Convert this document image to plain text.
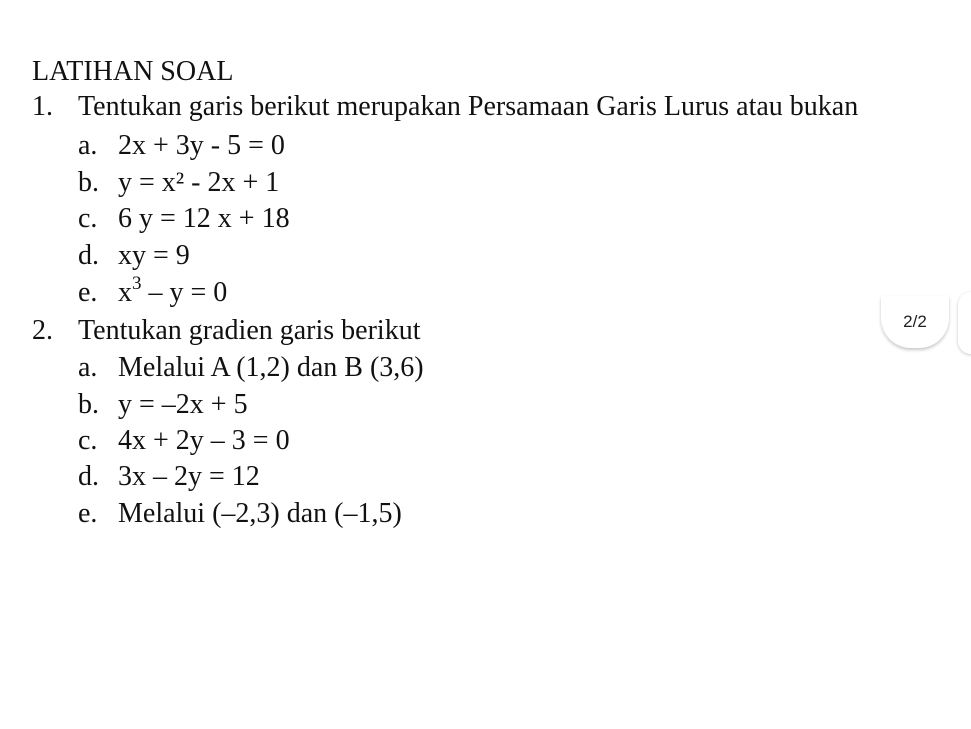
LATIHAN SOAL
1. Tentukan garis berikut merupakan Persamaan Garis Lurus atau bukan
a. 2x + 3y - 5 = 0
b. y = x² - 2x + 1
c. 6 y = 12 x + 18
d. xy = 9
e. $x^3 - y = 0$
2. Tentukan gradien garis berikut
a. Melalui A (1,2) dan B (3,6)
b. y = –2x + 5
c. 4x + 2y – 3 = 0
d. 3x – 2y = 12
e. Melalui (–2,3) dan (–1,5)
2/2
